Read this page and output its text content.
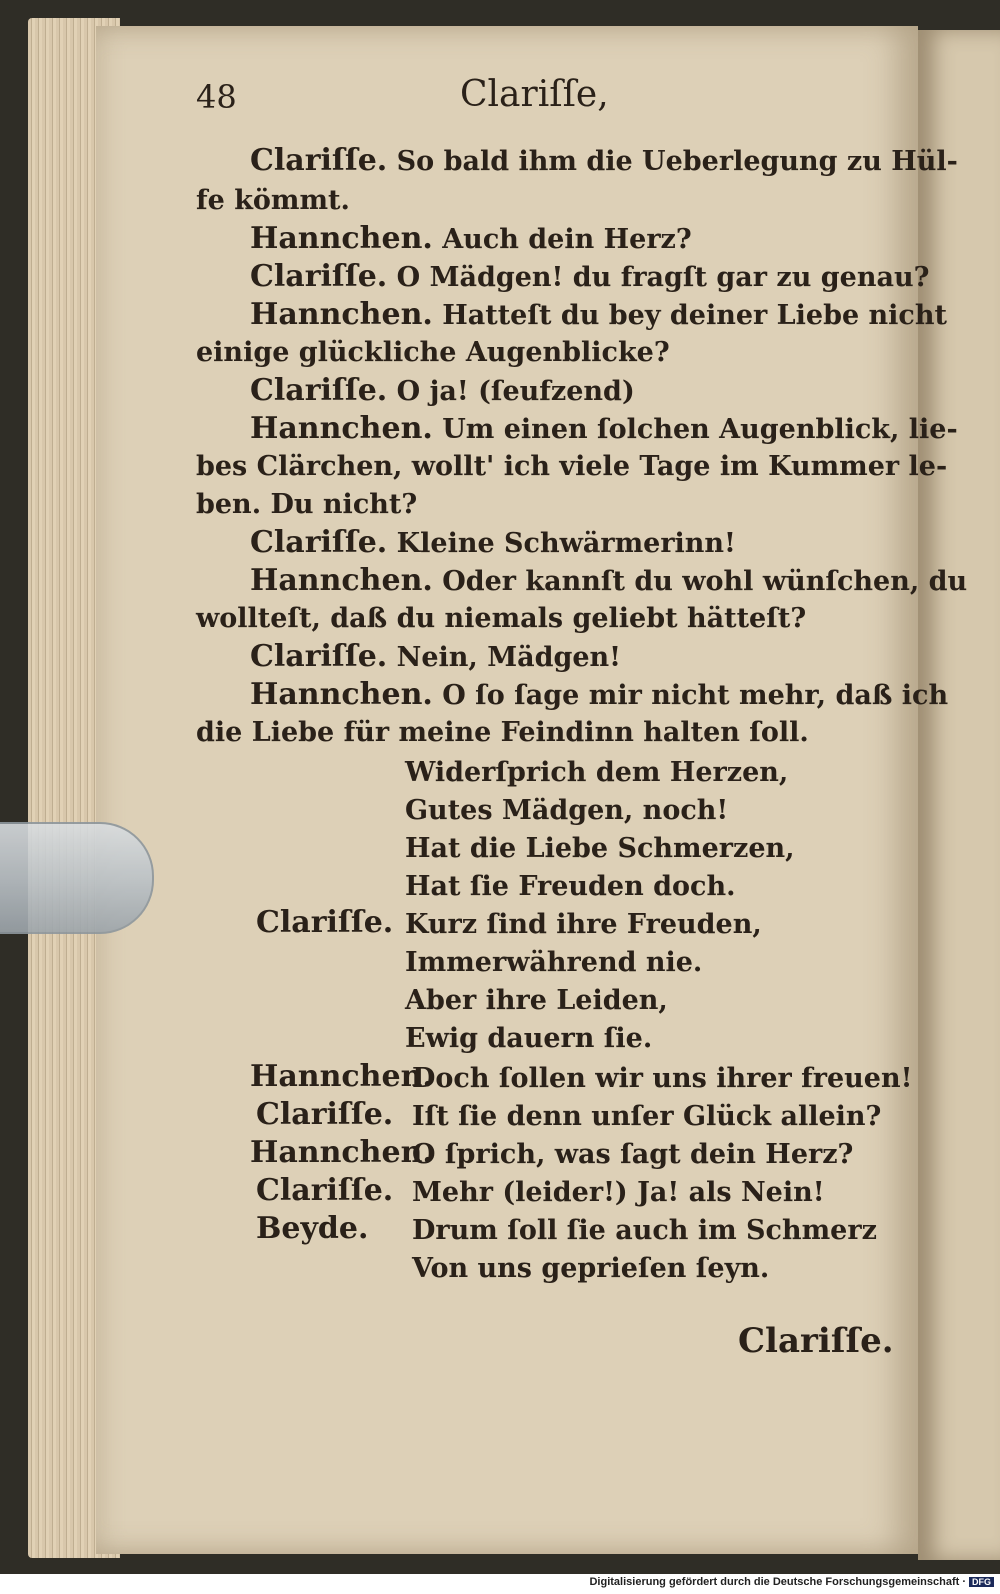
48	Clariſſe,
Clariſſe. So bald ihm die Ueberlegung zu Hül-
fe kömmt.
Hannchen. Auch dein Herz?
Clariſſe. O Mädgen! du fragſt gar zu genau?
Hannchen. Hatteſt du bey deiner Liebe nicht
einige glückliche Augenblicke?
Clariſſe. O ja! (ſeufzend)
Hannchen. Um einen ſolchen Augenblick, lie-
bes Clärchen, wollt' ich viele Tage im Kummer le-
ben. Du nicht?
Clariſſe. Kleine Schwärmerinn!
Hannchen. Oder kannſt du wohl wünſchen, du
wollteſt, daß du niemals geliebt hätteſt?
Clariſſe. Nein, Mädgen!
Hannchen. O ſo ſage mir nicht mehr, daß ich
die Liebe für meine Feindinn halten ſoll.
Widerſprich dem Herzen,
Gutes Mädgen, noch!
Hat die Liebe Schmerzen,
Hat ſie Freuden doch.
Clariſſe. Kurz ſind ihre Freuden,
Immerwährend nie.
Aber ihre Leiden,
Ewig dauern ſie.
Hannchen.
Doch ſollen wir uns ihrer freuen!
Clariſſe. Iſt ſie denn unſer Glück allein?
Hannchen.
O ſprich, was ſagt dein Herz?
Clariſſe. Mehr (leider!) Ja! als Nein!
Beyde. Drum ſoll ſie auch im Schmerz
Von uns geprieſen ſeyn.
Clariſſe.
Digitalisierung gefördert durch die Deutsche Forschungsgemeinschaft · DFG
